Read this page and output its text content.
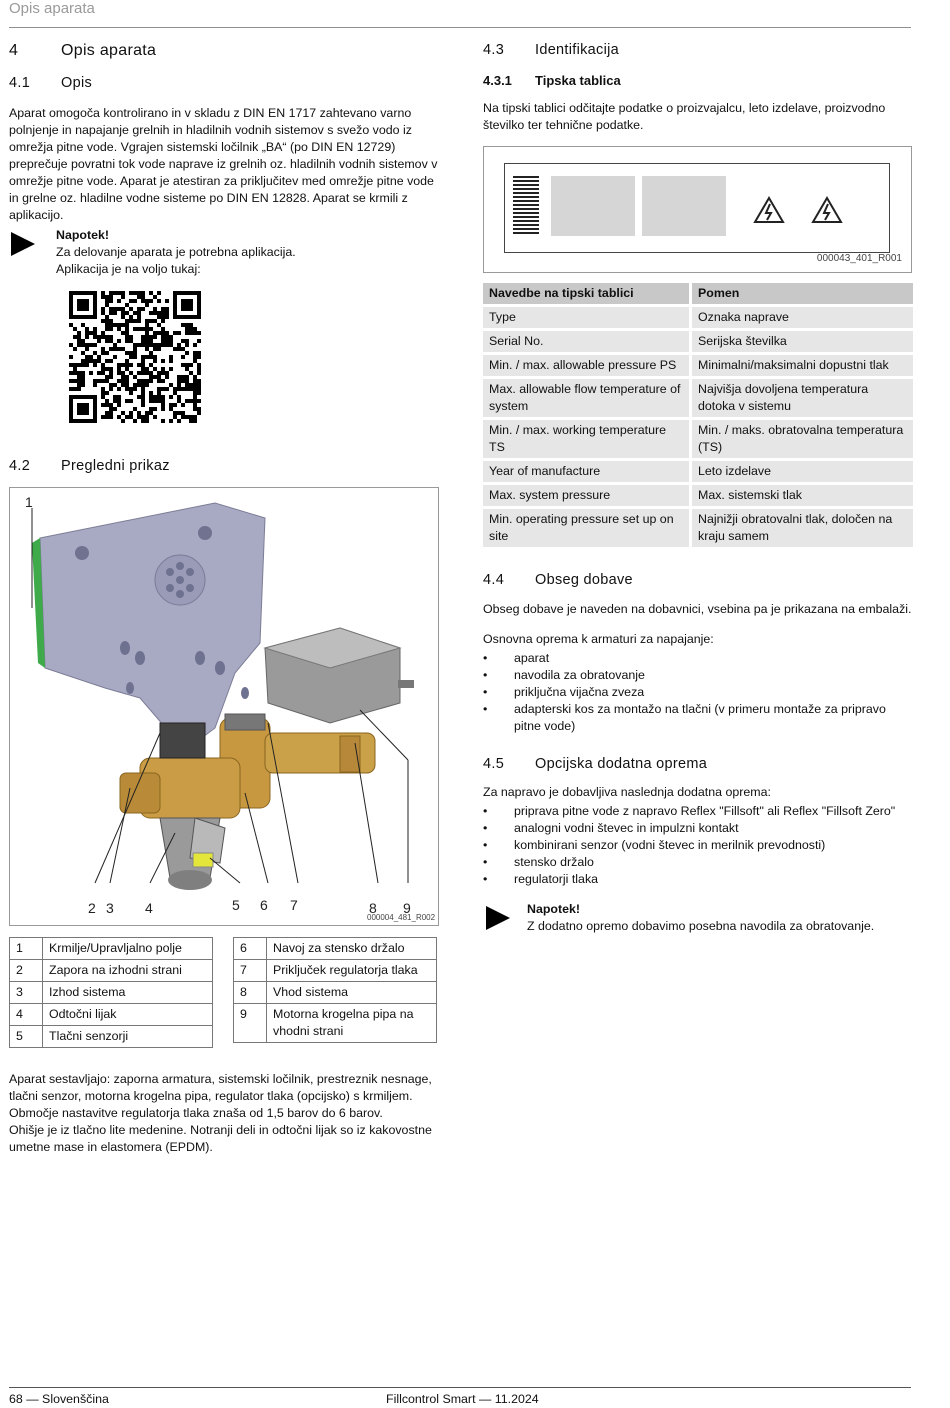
Opis aparata
4	Opis aparata
4.1 Opis

Aparat omogoča kontrolirano in v skladu z DIN EN 1717 zahtevano varno polnjenje in napajanje grelnih in hladilnih vodnih sistemov s svežo vodo iz omrežja pitne vode. Vgrajen sistemski ločilnik „BA“ (po DIN EN 12729) preprečuje povratni tok vode naprave iz grelnih oz. hladilnih vodnih sistemov v omrežje pitne vode. Aparat je atestiran za priključitev med omrežje pitne vode in grelne oz. hladilne vodne sisteme po DIN EN 12828. Aparat se krmili z aplikacijo.

Napotek!
Za delovanje aparata je potrebna aplikacija.
Aplikacija je na voljo tukaj:
4.2 Pregledni prikaz
1
2 3 4	5 6 7	8 9
000004_481_R002
1	Krmilje/Upravljalno polje
2	Zapora na izhodni strani
3	Izhod sistema
4	Odtočni lijak
5	Tlačni senzorji
6	Navoj za stensko držalo
7	Priključek regulatorja tlaka
8	Vhod sistema
9	Motorna krogelna pipa na vhodni strani

Aparat sestavljajo: zaporna armatura, sistemski ločilnik, prestreznik nesnage, tlačni senzor, motorna krogelna pipa, regulator tlaka (opcijsko) s krmiljem.

Območje nastavitve regulatorja tlaka znaša od 1,5 barov do 6 barov.

Ohišje je iz tlačno lite medenine. Notranji deli in odtočni lijak so iz kakovostne umetne mase in elastomera (EPDM).

4.3 Identifikacija
4.3.1 Tipska tablica

Na tipski tablici odčitajte podatke o proizvajalcu, leto izdelave, proizvodno številko ter tehnične podatke.

000043_401_R001
Navedbe na tipski tablici		Pomen
Type		Oznaka naprave
Serial No.		Serijska številka
Min. / max. allowable pressure PS		Minimalni/maksimalni dopustni tlak
Max. allowable flow temperature of system		Najvišja dovoljena temperatura dotoka v sistemu
Min. / max. working temperature TS		Min. / maks. obratovalna temperatura (TS)
Year of manufacture		Leto izdelave
Max. system pressure		Max. sistemski tlak
Min. operating pressure set up on site		Najnižji obratovalni tlak, določen na kraju samem
4.4 Obseg dobave

Obseg dobave je naveden na dobavnici, vsebina pa je prikazana na embalaži.

Osnovna oprema k armaturi za napajanje:

• aparat
• navodila za obratovanje
• priključna vijačna zveza
• adapterski kos za montažo na tlačni (v primeru montaže za pripravo pitne vode)
4.5 Opcijska dodatna oprema

Za napravo je dobavljiva naslednja dodatna oprema:

• priprava pitne vode z napravo Reflex "Fillsoft" ali Reflex "Fillsoft Zero"
• analogni vodni števec in impulzni kontakt
• kombinirani senzor (vodni števec in merilnik prevodnosti)
• stensko držalo
• regulatorji tlaka
Napotek!
Z dodatno opremo dobavimo posebna navodila za obratovanje.
68 — Slovenščina	Fillcontrol Smart — 11.2024
